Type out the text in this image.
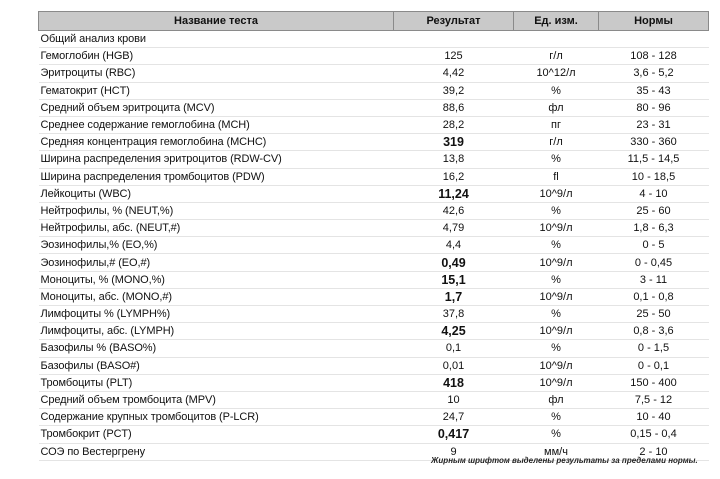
Название теста	Результат	Ед. изм.	Нормы
Общий анализ крови			
Гемоглобин (HGB)	125	г/л	108 - 128
Эритроциты (RBC)	4,42	10^12/л	3,6 - 5,2
Гематокрит (HCT)	39,2	%	35 - 43
Средний объем эритроцита (MCV)	88,6	фл	80 - 96
Среднее содержание гемоглобина (MCH)	28,2	пг	23 - 31
Средняя концентрация гемоглобина (MCHC)	319	г/л	330 - 360
Ширина распределения эритроцитов (RDW-CV)	13,8	%	11,5 - 14,5
Ширина распределения тромбоцитов (PDW)	16,2	fl	10 - 18,5
Лейкоциты (WBC)	11,24	10^9/л	4 - 10
Нейтрофилы, % (NEUT,%)	42,6	%	25 - 60
Нейтрофилы, абс. (NEUT,#)	4,79	10^9/л	1,8 - 6,3
Эозинофилы,% (EO,%)	4,4	%	0 - 5
Эозинофилы,# (EO,#)	0,49	10^9/л	0 - 0,45
Моноциты, % (MONO,%)	15,1	%	3 - 11
Моноциты, абс. (MONO,#)	1,7	10^9/л	0,1 - 0,8
Лимфоциты % (LYMPH%)	37,8	%	25 - 50
Лимфоциты, абс. (LYMPH)	4,25	10^9/л	0,8 - 3,6
Базофилы % (BASO%)	0,1	%	0 - 1,5
Базофилы (BASO#)	0,01	10^9/л	0 - 0,1
Тромбоциты (PLT)	418	10^9/л	150 - 400
Средний объем тромбоцита (MPV)	10	фл	7,5 - 12
Содержание крупных тромбоцитов (P-LCR)	24,7	%	10 - 40
Тромбокрит (PCT)	0,417	%	0,15 - 0,4
СОЭ по Вестергрену	9	мм/ч	2 - 10
Жирным шрифтом выделены результаты за пределами нормы.
